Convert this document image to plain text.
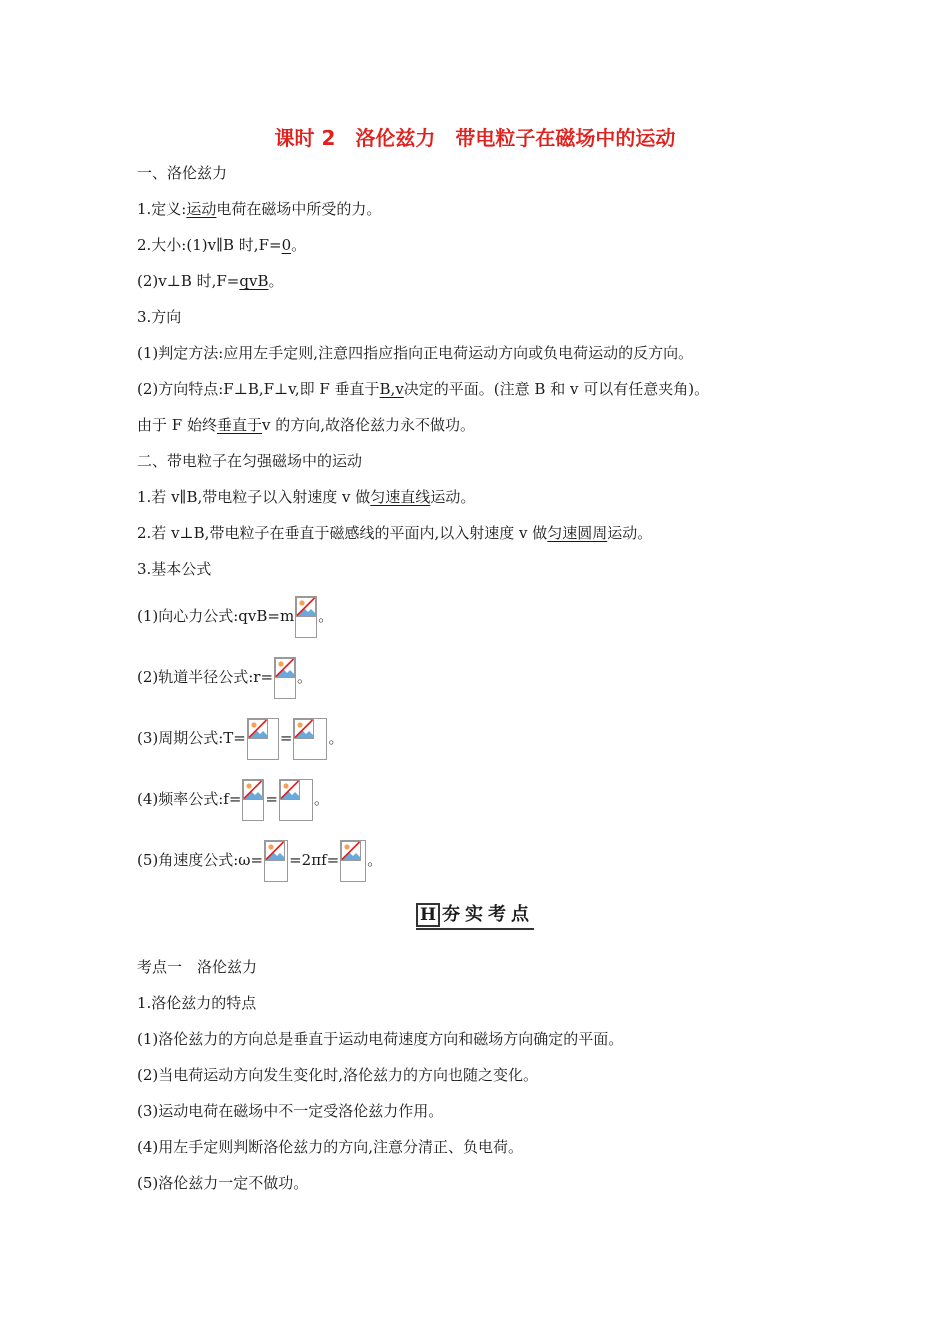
课时 2　洛伦兹力　带电粒子在磁场中的运动
一、洛伦兹力
1.定义:运动电荷在磁场中所受的力。
2.大小:(1)v∥B 时,F=0。
(2)v⊥B 时,F=qvB。
3.方向
(1)判定方法:应用左手定则,注意四指应指向正电荷运动方向或负电荷运动的反方向。
(2)方向特点:F⊥B,F⊥v,即 F 垂直于B,v决定的平面。(注意 B 和 v 可以有任意夹角)。
由于 F 始终垂直于v 的方向,故洛伦兹力永不做功。
二、带电粒子在匀强磁场中的运动
1.若 v∥B,带电粒子以入射速度 v 做匀速直线运动。
2.若 v⊥B,带电粒子在垂直于磁感线的平面内,以入射速度 v 做匀速圆周运动。
3.基本公式
(1)向心力公式:qvB=m 。
(2)轨道半径公式:r= 。
(3)周期公式:T= = 。
(4)频率公式:f= = 。
(5)角速度公式:ω= =2πf= 。
H 夯实考点
考点一　洛伦兹力
1.洛伦兹力的特点
(1)洛伦兹力的方向总是垂直于运动电荷速度方向和磁场方向确定的平面。
(2)当电荷运动方向发生变化时,洛伦兹力的方向也随之变化。
(3)运动电荷在磁场中不一定受洛伦兹力作用。
(4)用左手定则判断洛伦兹力的方向,注意分清正、负电荷。
(5)洛伦兹力一定不做功。
